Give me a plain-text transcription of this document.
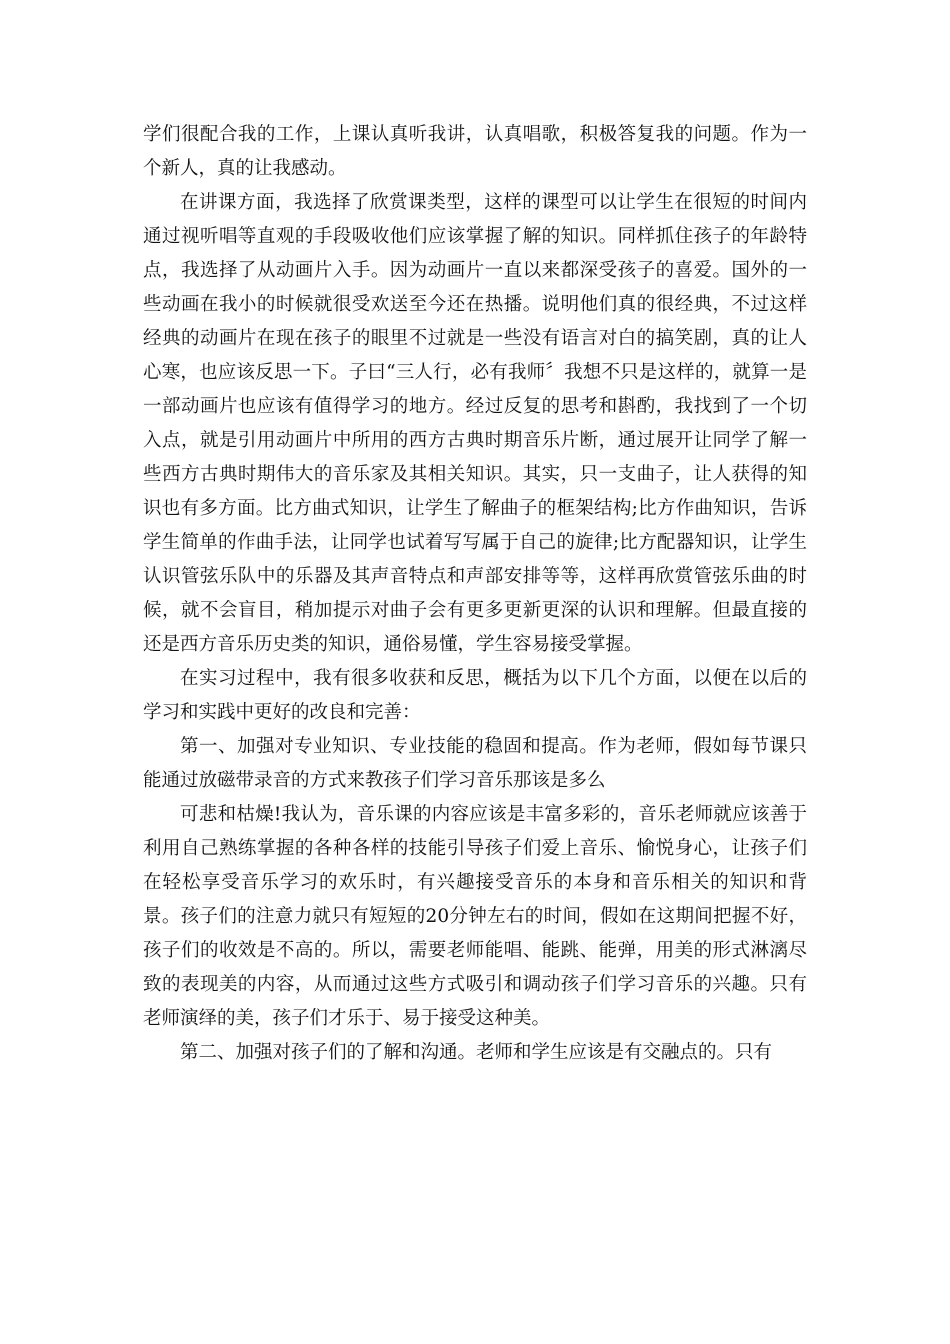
学们很配合我的工作，上课认真听我讲，认真唱歌，积极答复我的问题。作为一个新人，真的让我感动。

在讲课方面，我选择了欣赏课类型，这样的课型可以让学生在很短的时间内通过视听唱等直观的手段吸收他们应该掌握了解的知识。同样抓住孩子的年龄特点，我选择了从动画片入手。因为动画片一直以来都深受孩子的喜爱。国外的一些动画在我小的时候就很受欢送至今还在热播。说明他们真的很经典，不过这样经典的动画片在现在孩子的眼里不过就是一些没有语言对白的搞笑剧，真的让人心寒，也应该反思一下。子曰“三人行，必有我师〞我想不只是这样的，就算一是一部动画片也应该有值得学习的地方。经过反复的思考和斟酌，我找到了一个切入点，就是引用动画片中所用的西方古典时期音乐片断，通过展开让同学了解一些西方古典时期伟大的音乐家及其相关知识。其实，只一支曲子，让人获得的知识也有多方面。比方曲式知识，让学生了解曲子的框架结构;比方作曲知识，告诉学生简单的作曲手法，让同学也试着写写属于自己的旋律;比方配器知识，让学生认识管弦乐队中的乐器及其声音特点和声部安排等等，这样再欣赏管弦乐曲的时候，就不会盲目，稍加提示对曲子会有更多更新更深的认识和理解。但最直接的还是西方音乐历史类的知识，通俗易懂，学生容易接受掌握。

在实习过程中，我有很多收获和反思，概括为以下几个方面，以便在以后的学习和实践中更好的改良和完善：

第一、加强对专业知识、专业技能的稳固和提高。作为老师，假如每节课只能通过放磁带录音的方式来教孩子们学习音乐那该是多么

可悲和枯燥!我认为，音乐课的内容应该是丰富多彩的，音乐老师就应该善于利用自己熟练掌握的各种各样的技能引导孩子们爱上音乐、愉悦身心，让孩子们在轻松享受音乐学习的欢乐时，有兴趣接受音乐的本身和音乐相关的知识和背景。孩子们的注意力就只有短短的20分钟左右的时间，假如在这期间把握不好，孩子们的收效是不高的。所以，需要老师能唱、能跳、能弹，用美的形式淋漓尽致的表现美的内容，从而通过这些方式吸引和调动孩子们学习音乐的兴趣。只有老师演绎的美，孩子们才乐于、易于接受这种美。

第二、加强对孩子们的了解和沟通。老师和学生应该是有交融点的。只有
